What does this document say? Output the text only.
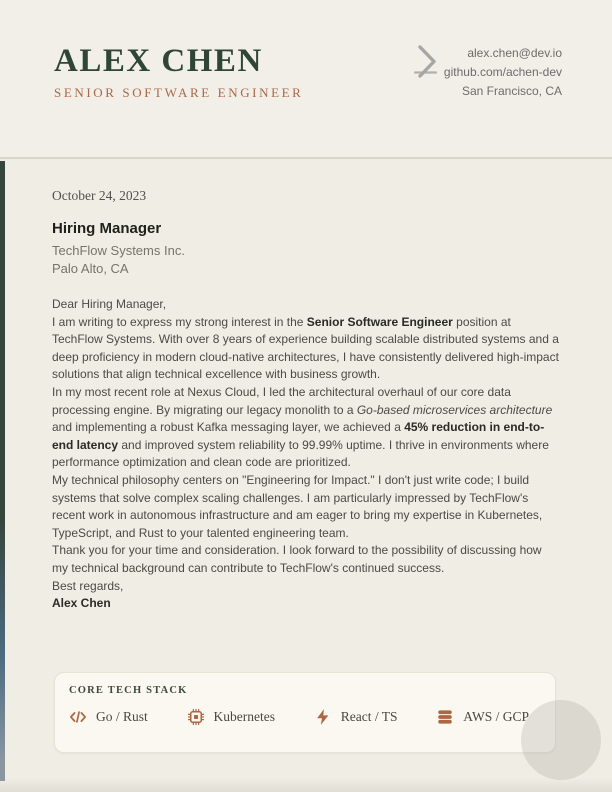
ALEX CHEN
SENIOR SOFTWARE ENGINEER
alex.chen@dev.io
github.com/achen-dev
San Francisco, CA
October 24, 2023
Hiring Manager
TechFlow Systems Inc.
Palo Alto, CA
Dear Hiring Manager,
I am writing to express my strong interest in the Senior Software Engineer position at TechFlow Systems. With over 8 years of experience building scalable distributed systems and a deep proficiency in modern cloud-native architectures, I have consistently delivered high-impact solutions that align technical excellence with business growth.
In my most recent role at Nexus Cloud, I led the architectural overhaul of our core data processing engine. By migrating our legacy monolith to a Go-based microservices architecture and implementing a robust Kafka messaging layer, we achieved a 45% reduction in end-to-end latency and improved system reliability to 99.99% uptime. I thrive in environments where performance optimization and clean code are prioritized.
My technical philosophy centers on "Engineering for Impact." I don't just write code; I build systems that solve complex scaling challenges. I am particularly impressed by TechFlow's recent work in autonomous infrastructure and am eager to bring my expertise in Kubernetes, TypeScript, and Rust to your talented engineering team.
Thank you for your time and consideration. I look forward to the possibility of discussing how my technical background can contribute to TechFlow's continued success.
Best regards,
Alex Chen
CORE TECH STACK
Go / Rust	Kubernetes	React / TS	AWS / GCP
